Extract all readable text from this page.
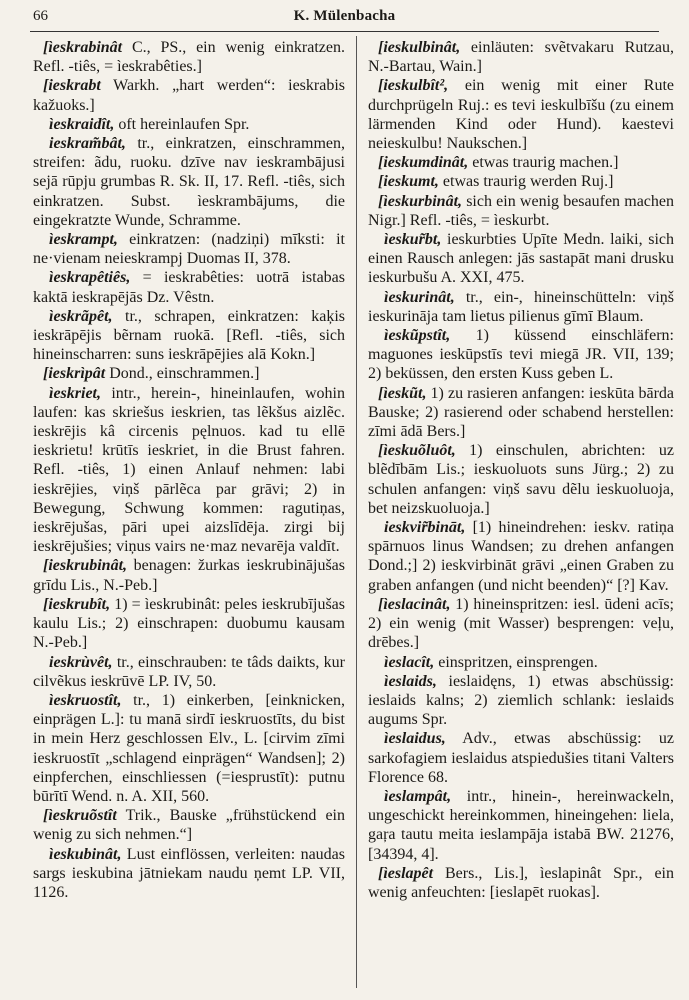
66	K. Mülenbacha

[ìeskrabinât C., PS., ein wenig einkratzen. Refl. -tiês, = ìeskrabêties.]

[ieskrabt Warkh. „hart werden“: ieskrabis kažuoks.]

ìeskraidît, oft hereinlaufen Spr.

ieskram̃bât, tr., einkratzen, einschrammen, streifen: ãdu, ruoku. dzīve nav ieskrambājusi sejā rūpju grumbas R. Sk. II, 17. Refl. -tiês, sich einkratzen. Subst. ìeskrambājums, die eingekratzte Wunde, Schramme.

ìeskrampt, einkratzen: (nadziņi) mīksti: it ne·vienam neieskrampj Duomas II, 378.

ìeskrapêtiês, = ieskrabêties: uotrā istabas kaktā ieskrapējās Dz. Vêstn.

ìeskrãpêt, tr., schrapen, einkratzen: kaķis ieskrāpējis bẽrnam ruokā. [Refl. -tiês, sich hineinscharren: suns ieskrāpējies alā Kokn.]

[ieskrìpât Dond., einschrammen.]

ìeskriet, intr., herein-, hineinlaufen, wohin laufen: kas skriešus ieskrien, tas lẽkšus aizlẽc. ieskrējis kâ circenis pęlnuos. kad tu ellē ieskrietu! krūtīs ieskriet, in die Brust fahren. Refl. -tiês, 1) einen Anlauf nehmen: labi ieskrējies, viņš pārlẽca par grāvi; 2) in Bewegung, Schwung kommen: ragutiņas, ieskrējušas, pāri upei aizslīdēja. zirgi bij ieskrējušies; viņus vairs ne·maz nevarēja valdīt.

[ieskrubinât, benagen: žurkas ieskrubinājušas grīdu Lis., N.-Peb.]

[ieskrubît, 1) = ìeskrubinât: peles ieskrubījušas kaulu Lis.; 2) einschrapen: duobumu kausam N.-Peb.]

ieskrùvêt, tr., einschrauben: te tâds daikts, kur cilvẽkus ieskrūvē LP. IV, 50.

ìeskruostît, tr., 1) einkerben, [einknicken, einprägen L.]: tu manā sirdī ieskruostīts, du bist in mein Herz geschlossen Elv., L. [cirvim zīmi ieskruostīt „schlagend einprägen“ Wandsen]; 2) einpferchen, einschliessen (=iesprustīt): putnu būrītī Wend. n. A. XII, 560.

[ìeskruõstît Trik., Bauske „frühstückend ein wenig zu sich nehmen.“]

ìeskubinât, Lust einflössen, verleiten: naudas sargs ieskubina jātniekam naudu ņemt LP. VII, 1126.

[ieskulbinât, einläuten: svẽtvakaru Rutzau, N.-Bartau, Wain.]

[ieskulbît², ein wenig mit einer Rute durchprügeln Ruj.: es tevi ieskulbīšu (zu einem lärmenden Kind oder Hund). kaestevi neieskulbu! Naukschen.]

[ieskumdinât, etwas traurig machen.]

[ieskumt, etwas traurig werden Ruj.]

[ìeskurbinât, sich ein wenig besaufen machen Nigr.] Refl. -tiês, = ìeskurbt.

ìeskur̃bt, ieskurbties Upīte Medn. laiki, sich einen Rausch anlegen: jās sastapāt mani drusku ieskurbušu A. XXI, 475.

ìeskurinât, tr., ein-, hineinschütteln: viņš ieskurināja tam lietus pilienus gīmī Blaum.

ìeskũpstît, 1) küssend einschläfern: maguones ieskūpstīs tevi miegā JR. VII, 139; 2) beküssen, den ersten Kuss geben L.

[ìeskũt, 1) zu rasieren anfangen: ieskūta bārda Bauske; 2) rasierend oder schabend herstellen: zīmi ādā Bers.]

[ìeskuõluôt, 1) einschulen, abrichten: uz blẽdībām Lis.; ieskuoluots suns Jürg.; 2) zu schulen anfangen: viņš savu dẽlu ieskuoluoja, bet neizskuoluoja.]

ieskvir̃bināt, [1) hineindrehen: ieskv. ratiņa spārnuos linus Wandsen; zu drehen anfangen Dond.;] 2) ieskvirbināt grāvi „einen Graben zu graben anfangen (und nicht beenden)“ [?] Kav.

[ìeslacinât, 1) hineinspritzen: iesl. ūdeni acīs; 2) ein wenig (mit Wasser) besprengen: veļu, drēbes.]

ìeslacît, einspritzen, einsprengen.

ìeslaids, ieslaidęns, 1) etwas abschüssig: ieslaids kalns; 2) ziemlich schlank: ieslaids augums Spr.

ìeslaidus, Adv., etwas abschüssig: uz sarkofagiem ieslaidus atspiedušies titani Valters Florence 68.

ìeslampât, intr., hinein-, hereinwackeln, ungeschickt hereinkommen, hineingehen: liela, gaŗa tautu meita ieslampāja istabā BW. 21276, [34394, 4].

[ìeslapêt Bers., Lis.], ìeslapinât Spr., ein wenig anfeuchten: [ieslapēt ruokas].
